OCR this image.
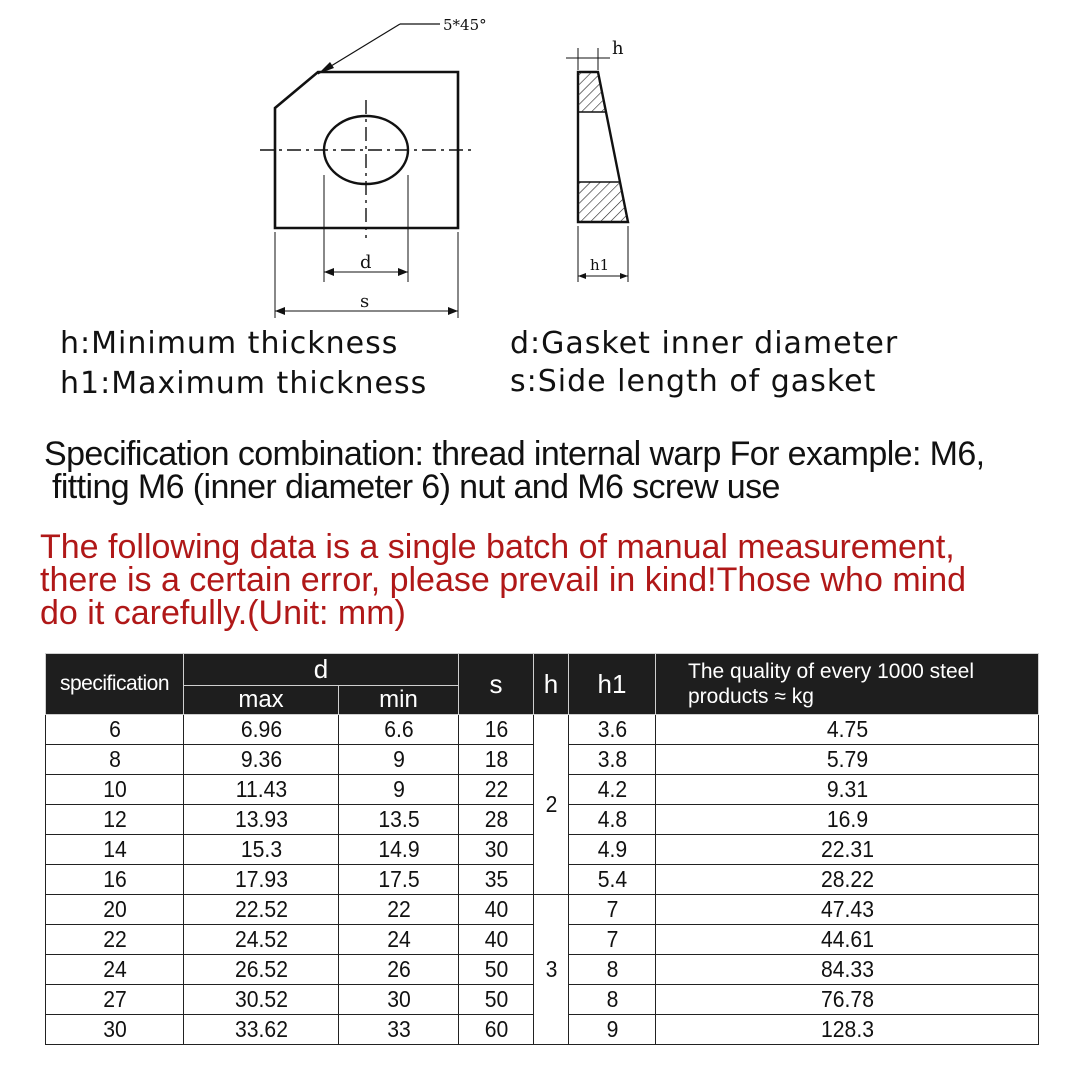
5*45°
d
s
h
h1
h:Minimum thickness
h1:Maximum thickness
d:Gasket inner diameter
s:Side length of gasket
Specification combination: thread internal warp For example: M6,
fitting M6 (inner diameter 6) nut and M6 screw use
The following data is a single batch of manual measurement,
there is a certain error, please prevail in kind!Those who mind
do it carefully.(Unit: mm)
specification	d		s	h	h1	The quality of every 1000 steel
products ≈ kg

	max	min				
6	6.96	6.6	16	2	3.6	4.75
8	9.36	9	18		3.8	5.79
10	11.43	9	22		4.2	9.31
12	13.93	13.5	28		4.8	16.9
14	15.3	14.9	30		4.9	22.31
16	17.93	17.5	35		5.4	28.22
20	22.52	22	40	3	7	47.43
22	24.52	24	40		7	44.61
24	26.52	26	50		8	84.33
27	30.52	30	50		8	76.78
30	33.62	33	60		9	128.3
